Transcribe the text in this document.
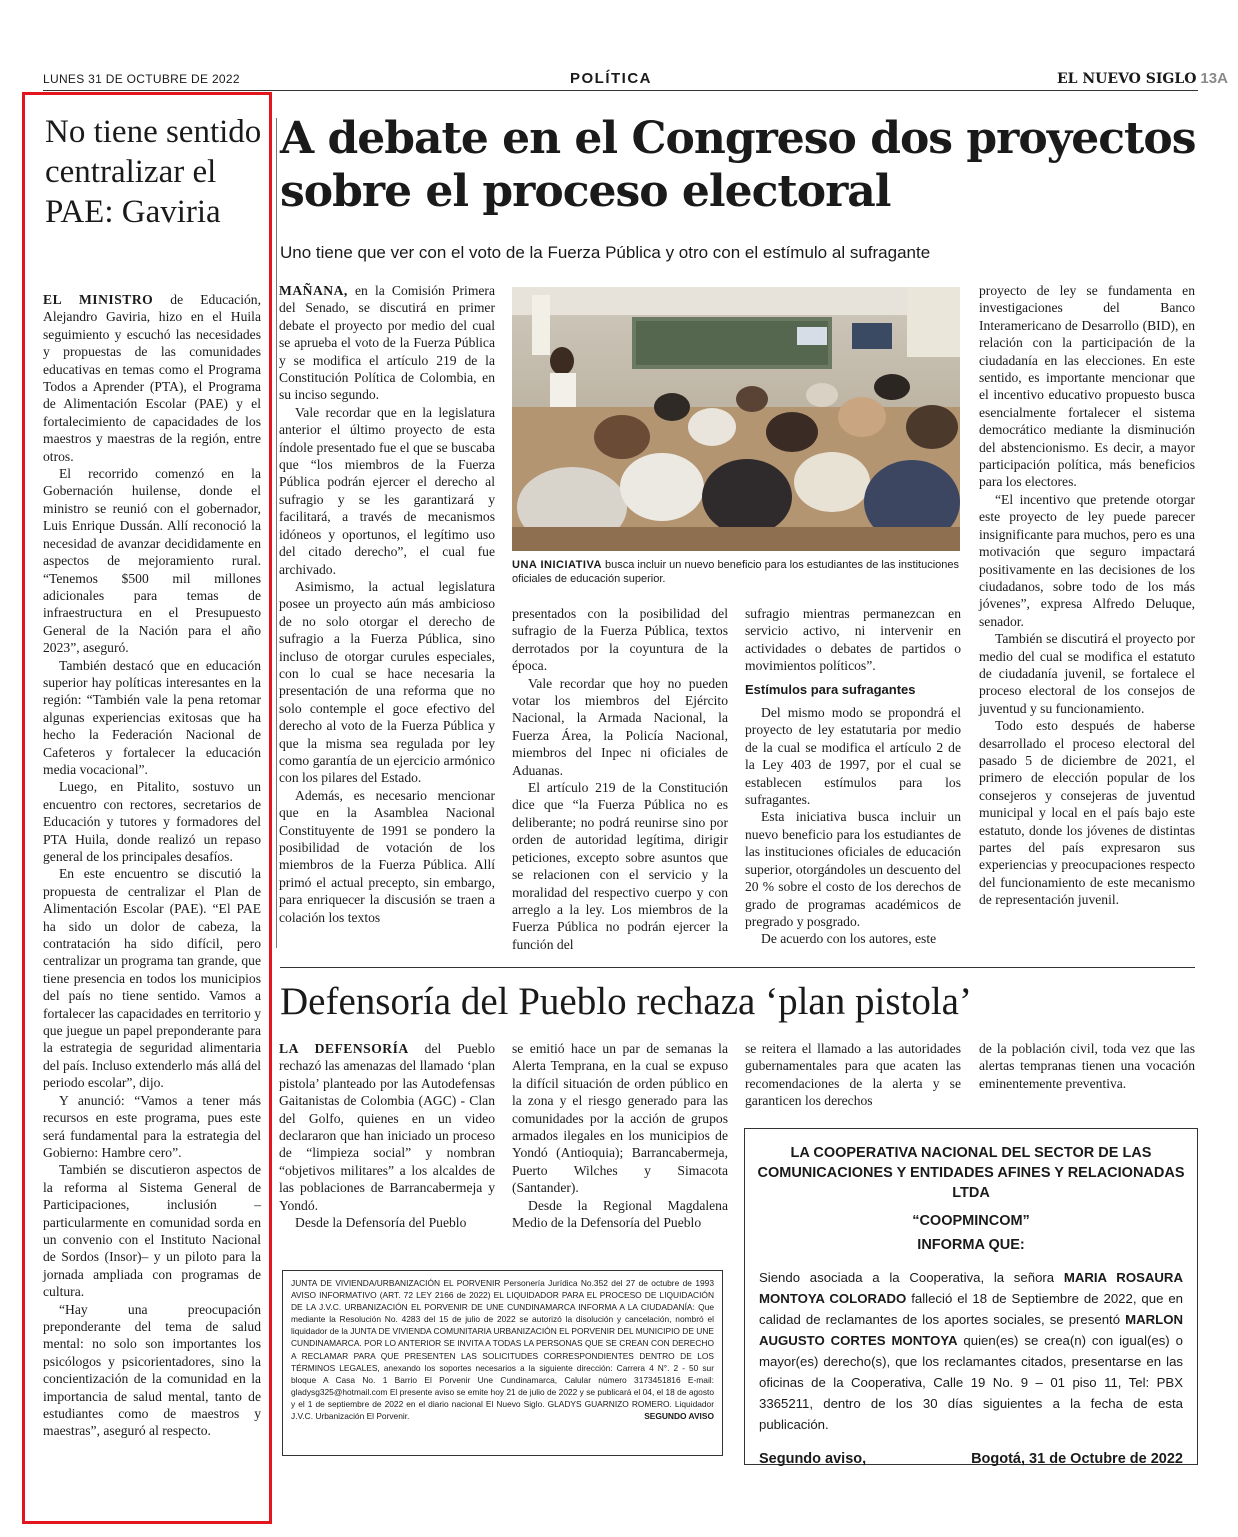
LUNES 31 DE OCTUBRE DE 2022	POLÍTICA	EL NUEVO SIGLO 13A
No tiene sentido centralizar el PAE: Gaviria

EL MINISTRO de Educación, Alejandro Gaviria, hizo en el Huila seguimiento y escuchó las necesidades y propuestas de las comunidades educativas en temas como el Programa Todos a Aprender (PTA), el Programa de Alimentación Escolar (PAE) y el fortalecimiento de capacidades de los maestros y maestras de la región, entre otros.

El recorrido comenzó en la Gobernación huilense, donde el ministro se reunió con el gobernador, Luis Enrique Dussán. Allí reconoció la necesidad de avanzar decididamente en aspectos de mejoramiento rural. “Tenemos $500 mil millones adicionales para temas de infraestructura en el Presupuesto General de la Nación para el año 2023”, aseguró.

También destacó que en educación superior hay políticas interesantes en la región: “También vale la pena retomar algunas experiencias exitosas que ha hecho la Federación Nacional de Cafeteros y fortalecer la educación media vocacional”.

Luego, en Pitalito, sostuvo un encuentro con rectores, secretarios de Educación y tutores y formadores del PTA Huila, donde realizó un repaso general de los principales desafíos.

En este encuentro se discutió la propuesta de centralizar el Plan de Alimentación Escolar (PAE). “El PAE ha sido un dolor de cabeza, la contratación ha sido difícil, pero centralizar un programa tan grande, que tiene presencia en todos los municipios del país no tiene sentido. Vamos a fortalecer las capacidades en territorio y que juegue un papel preponderante para la estrategia de seguridad alimentaria del país. Incluso extenderlo más allá del periodo escolar”, dijo.

Y anunció: “Vamos a tener más recursos en este programa, pues este será fundamental para la estrategia del Gobierno: Hambre cero”.

También se discutieron aspectos de la reforma al Sistema General de Participaciones, inclusión –particularmente en comunidad sorda en un convenio con el Instituto Nacional de Sordos (Insor)– y un piloto para la jornada ampliada con programas de cultura.

“Hay una preocupación preponderante del tema de salud mental: no solo son importantes los psicólogos y psicorientadores, sino la concientización de la comunidad en la importancia de salud mental, tanto de estudiantes como de maestros y maestras”, aseguró al respecto.

A debate en el Congreso dos proyectos sobre el proceso electoral
Uno tiene que ver con el voto de la Fuerza Pública y otro con el estímulo al sufragante

MAÑANA, en la Comisión Primera del Senado, se discutirá en primer debate el proyecto por medio del cual se aprueba el voto de la Fuerza Pública y se modifica el artículo 219 de la Constitución Política de Colombia, en su inciso segundo.

Vale recordar que en la legislatura anterior el último proyecto de esta índole presentado fue el que se buscaba que “los miembros de la Fuerza Pública podrán ejercer el derecho al sufragio y se les garantizará y facilitará, a través de mecanismos idóneos y oportunos, el legítimo uso del citado derecho”, el cual fue archivado.

Asimismo, la actual legislatura posee un proyecto aún más ambicioso de no solo otorgar el derecho de sufragio a la Fuerza Pública, sino incluso de otorgar curules especiales, con lo cual se hace necesaria la presentación de una reforma que no solo contemple el goce efectivo del derecho al voto de la Fuerza Pública y que la misma sea regulada por ley como garantía de un ejercicio armónico con los pilares del Estado.

Además, es necesario mencionar que en la Asamblea Nacional Constituyente de 1991 se pondero la posibilidad de votación de los miembros de la Fuerza Pública. Allí primó el actual precepto, sin embargo, para enriquecer la discusión se traen a colación los textos

UNA INICIATIVA busca incluir un nuevo beneficio para los estudiantes de las instituciones oficiales de educación superior.

presentados con la posibilidad del sufragio de la Fuerza Pública, textos derrotados por la coyuntura de la época.

Vale recordar que hoy no pueden votar los miembros del Ejército Nacional, la Armada Nacional, la Fuerza Área, la Policía Nacional, miembros del Inpec ni oficiales de Aduanas.

El artículo 219 de la Constitución dice que “la Fuerza Pública no es deliberante; no podrá reunirse sino por orden de autoridad legítima, dirigir peticiones, excepto sobre asuntos que se relacionen con el servicio y la moralidad del respectivo cuerpo y con arreglo a la ley. Los miembros de la Fuerza Pública no podrán ejercer la función del

sufragio mientras permanezcan en servicio activo, ni intervenir en actividades o debates de partidos o movimientos políticos”.

Estímulos para sufragantes

Del mismo modo se propondrá el proyecto de ley estatutaria por medio de la cual se modifica el artículo 2 de la Ley 403 de 1997, por el cual se establecen estímulos para los sufragantes.

Esta iniciativa busca incluir un nuevo beneficio para los estudiantes de las instituciones oficiales de educación superior, otorgándoles un descuento del 20 % sobre el costo de los derechos de grado de programas académicos de pregrado y posgrado.

De acuerdo con los autores, este

proyecto de ley se fundamenta en investigaciones del Banco Interamericano de Desarrollo (BID), en relación con la participación de la ciudadanía en las elecciones. En este sentido, es importante mencionar que el incentivo educativo propuesto busca esencialmente fortalecer el sistema democrático mediante la disminución del abstencionismo. Es decir, a mayor participación política, más beneficios para los electores.

“El incentivo que pretende otorgar este proyecto de ley puede parecer insignificante para muchos, pero es una motivación que seguro impactará positivamente en las decisiones de los ciudadanos, sobre todo de los más jóvenes”, expresa Alfredo Deluque, senador.

También se discutirá el proyecto por medio del cual se modifica el estatuto de ciudadanía juvenil, se fortalece el proceso electoral de los consejos de juventud y su funcionamiento.

Todo esto después de haberse desarrollado el proceso electoral del pasado 5 de diciembre de 2021, el primero de elección popular de los consejeros y consejeras de juventud municipal y local en el país bajo este estatuto, donde los jóvenes de distintas partes del país expresaron sus experiencias y preocupaciones respecto del funcionamiento de este mecanismo de representación juvenil.

Defensoría del Pueblo rechaza ‘plan pistola’

LA DEFENSORÍA del Pueblo rechazó las amenazas del llamado ‘plan pistola’ planteado por las Autodefensas Gaitanistas de Colombia (AGC) - Clan del Golfo, quienes en un video declararon que han iniciado un proceso de “limpieza social” y nombran “objetivos militares” a los alcaldes de las poblaciones de Barrancabermeja y Yondó.

Desde la Defensoría del Pueblo

se emitió hace un par de semanas la Alerta Temprana, en la cual se expuso la difícil situación de orden público en la zona y el riesgo generado para las comunidades por la acción de grupos armados ilegales en los municipios de Yondó (Antioquia); Barrancabermeja, Puerto Wilches y Simacota (Santander).

Desde la Regional Magdalena Medio de la Defensoría del Pueblo

se reitera el llamado a las autoridades gubernamentales para que acaten las recomendaciones de la alerta y se garanticen los derechos

de la población civil, toda vez que las alertas tempranas tienen una vocación eminentemente preventiva.

JUNTA DE VIVIENDA/URBANIZACIÓN EL PORVENIR Personería Jurídica No.352 del 27 de octubre de 1993 AVISO INFORMATIVO (ART. 72 LEY 2166 de 2022) EL LIQUIDADOR PARA EL PROCESO DE LIQUIDACIÓN DE LA J.V.C. URBANIZACIÓN EL PORVENIR DE UNE CUNDINAMARCA INFORMA A LA CIUDADANÍA: Que mediante la Resolución No. 4283 del 15 de julio de 2022 se autorizó la disolución y cancelación, nombró el liquidador de la JUNTA DE VIVIENDA COMUNITARIA URBANIZACIÓN EL PORVENIR DEL MUNICIPIO DE UNE CUNDINAMARCA. POR LO ANTERIOR SE INVITA A TODAS LA PERSONAS QUE SE CREAN CON DERECHO A RECLAMAR PARA QUE PRESENTEN LAS SOLICITUDES CORRESPONDIENTES DENTRO DE LOS TÉRMINOS LEGALES, anexando los soportes necesarios a la siguiente dirección: Carrera 4 N°. 2 - 50 sur bloque A Casa No. 1 Barrio El Porvenir Une Cundinamarca, Calular número 3173451816 E-mail: gladysg325@hotmail.com El presente aviso se emite hoy 21 de julio de 2022 y se publicará el 04, el 18 de agosto y el 1 de septiembre de 2022 en el diario nacional El Nuevo Siglo. GLADYS GUARNIZO ROMERO. Liquidador J.V.C. Urbanización El Porvenir.	SEGUNDO AVISO
LA COOPERATIVA NACIONAL DEL SECTOR DE LAS COMUNICACIONES Y ENTIDADES AFINES Y RELACIONADAS LTDA
“COOPMINCOM”
INFORMA QUE:
Siendo asociada a la Cooperativa, la señora MARIA ROSAURA MONTOYA COLORADO falleció el 18 de Septiembre de 2022, que en calidad de reclamantes de los aportes sociales, se presentó MARLON AUGUSTO CORTES MONTOYA quien(es) se crea(n) con igual(es) o mayor(es) derecho(s), que los reclamantes citados, presentarse en las oficinas de la Cooperativa, Calle 19 No. 9 – 01 piso 11, Tel: PBX 3365211, dentro de los 30 días siguientes a la fecha de esta publicación.
Segundo aviso,	Bogotá, 31 de Octubre de 2022
